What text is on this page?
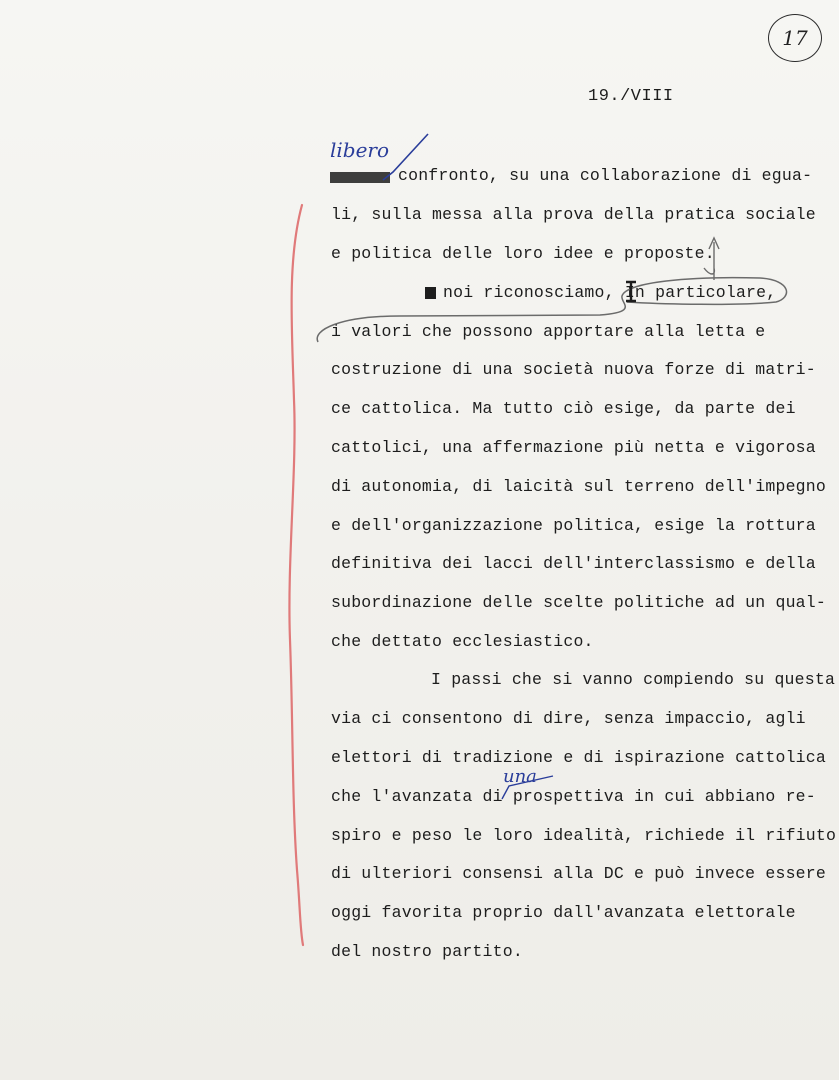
17
19./VIII
libero
confronto, su una collaborazione di egua-
li, sulla messa alla prova della pratica sociale
e politica delle loro idee e proposte.
noi riconosciamo, In particolare,
i valori che possono apportare alla letta e
costruzione di una società nuova forze di matri-
ce cattolica. Ma tutto ciò esige, da parte dei
cattolici, una affermazione più netta e vigorosa
di autonomia, di laicità sul terreno dell'impegno
e dell'organizzazione politica, esige la rottura
definitiva dei lacci dell'interclassismo e della
subordinazione delle scelte politiche ad un qual-
che dettato ecclesiastico.
I passi che si vanno compiendo su questa
via ci consentono di dire, senza impaccio, agli
elettori di tradizione e di ispirazione cattolica
una
che l'avanzata di prospettiva in cui abbiano re-
spiro e peso le loro idealità, richiede il rifiuto
di ulteriori consensi alla DC e può invece essere
oggi favorita proprio dall'avanzata elettorale
del nostro partito.
